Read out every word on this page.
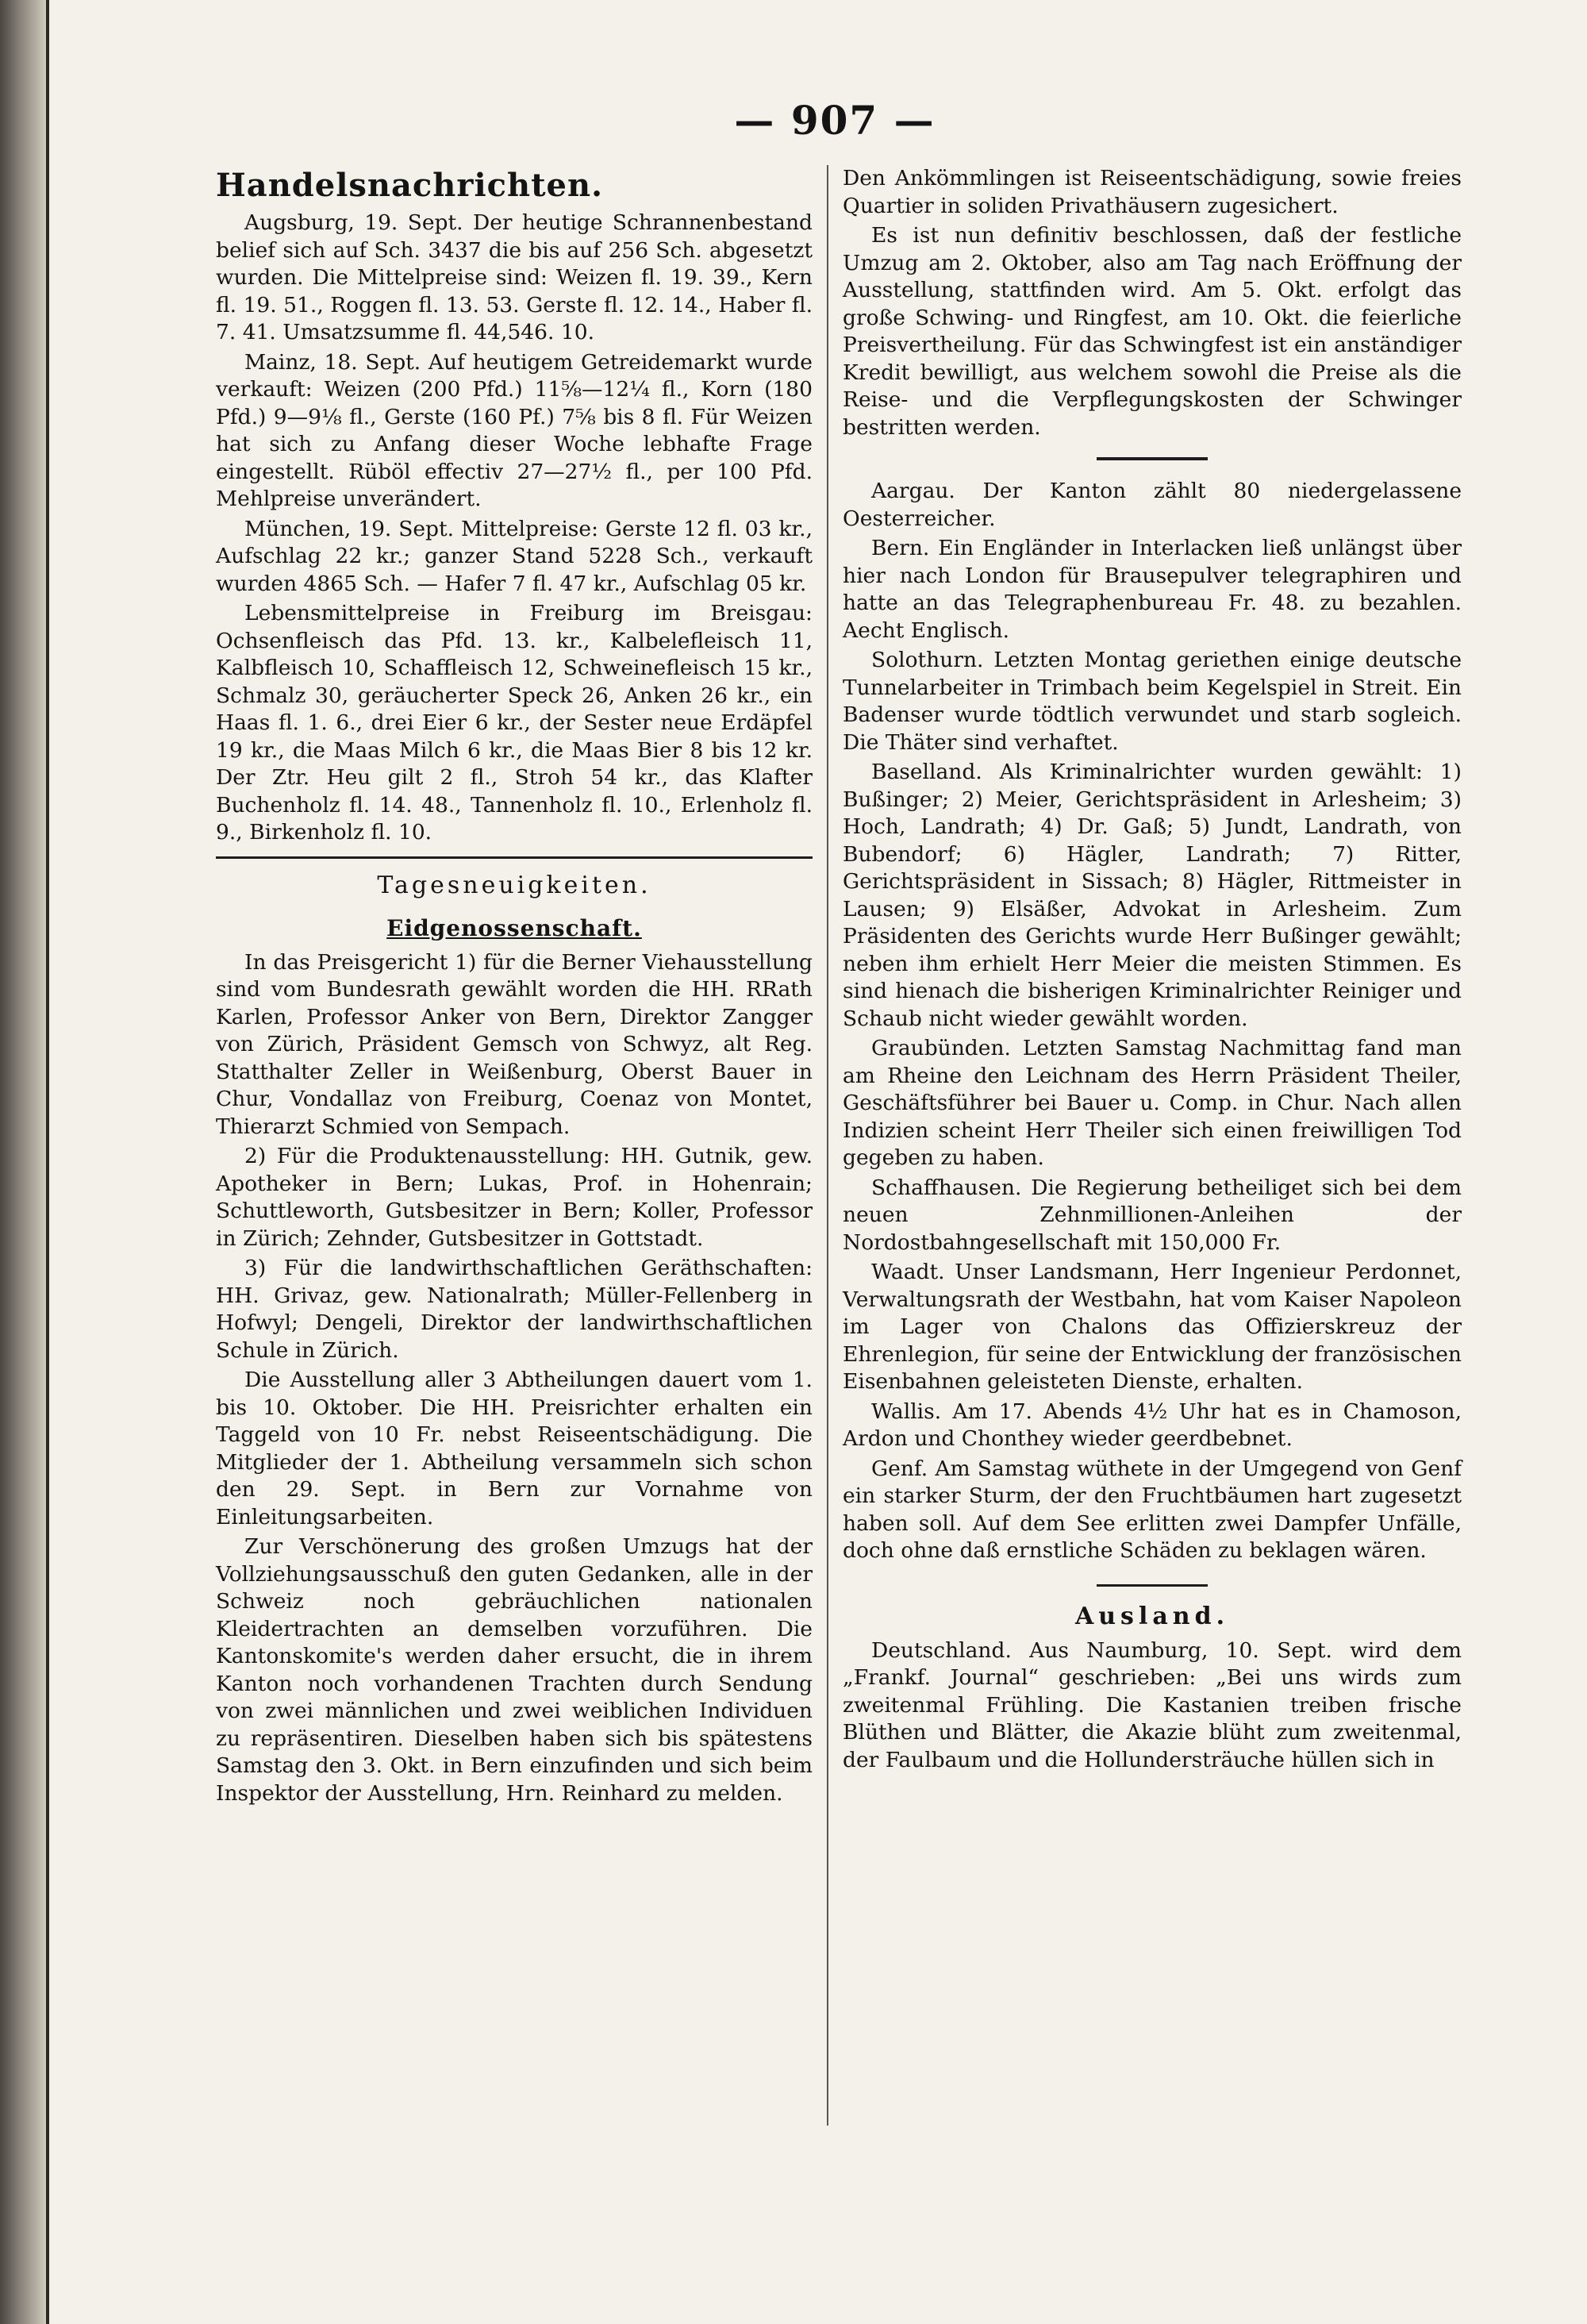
— 907 —
Handelsnachrichten.

Augsburg, 19. Sept. Der heutige Schrannenbestand belief sich auf Sch. 3437 die bis auf 256 Sch. abgesetzt wurden. Die Mittelpreise sind: Weizen fl. 19. 39., Kern fl. 19. 51., Roggen fl. 13. 53. Gerste fl. 12. 14., Haber fl. 7. 41. Umsatzsumme fl. 44,546. 10.

Mainz, 18. Sept. Auf heutigem Getreidemarkt wurde verkauft: Weizen (200 Pfd.) 11⅝—12¼ fl., Korn (180 Pfd.) 9—9⅛ fl., Gerste (160 Pf.) 7⅝ bis 8 fl. Für Weizen hat sich zu Anfang dieser Woche lebhafte Frage eingestellt. Rüböl effectiv 27—27½ fl., per 100 Pfd. Mehlpreise unverändert.

München, 19. Sept. Mittelpreise: Gerste 12 fl. 03 kr., Aufschlag 22 kr.; ganzer Stand 5228 Sch., verkauft wurden 4865 Sch. — Hafer 7 fl. 47 kr., Aufschlag 05 kr.

Lebensmittelpreise in Freiburg im Breisgau: Ochsenfleisch das Pfd. 13. kr., Kalbelefleisch 11, Kalbfleisch 10, Schaffleisch 12, Schweinefleisch 15 kr., Schmalz 30, geräucherter Speck 26, Anken 26 kr., ein Haas fl. 1. 6., drei Eier 6 kr., der Sester neue Erdäpfel 19 kr., die Maas Milch 6 kr., die Maas Bier 8 bis 12 kr. Der Ztr. Heu gilt 2 fl., Stroh 54 kr., das Klafter Buchenholz fl. 14. 48., Tannenholz fl. 10., Erlenholz fl. 9., Birkenholz fl. 10.

Tagesneuigkeiten.
Eidgenossenschaft.

In das Preisgericht 1) für die Berner Viehausstellung sind vom Bundesrath gewählt worden die HH. RRath Karlen, Professor Anker von Bern, Direktor Zangger von Zürich, Präsident Gemsch von Schwyz, alt Reg. Statthalter Zeller in Weißenburg, Oberst Bauer in Chur, Vondallaz von Freiburg, Coenaz von Montet, Thierarzt Schmied von Sempach.

2) Für die Produktenausstellung: HH. Gutnik, gew. Apotheker in Bern; Lukas, Prof. in Hohenrain; Schuttleworth, Gutsbesitzer in Bern; Koller, Professor in Zürich; Zehnder, Gutsbesitzer in Gottstadt.

3) Für die landwirthschaftlichen Geräthschaften: HH. Grivaz, gew. Nationalrath; Müller-Fellenberg in Hofwyl; Dengeli, Direktor der landwirthschaftlichen Schule in Zürich.

Die Ausstellung aller 3 Abtheilungen dauert vom 1. bis 10. Oktober. Die HH. Preisrichter erhalten ein Taggeld von 10 Fr. nebst Reiseentschädigung. Die Mitglieder der 1. Abtheilung versammeln sich schon den 29. Sept. in Bern zur Vornahme von Einleitungsarbeiten.

Zur Verschönerung des großen Umzugs hat der Vollziehungsausschuß den guten Gedanken, alle in der Schweiz noch gebräuchlichen nationalen Kleidertrachten an demselben vorzuführen. Die Kantonskomite's werden daher ersucht, die in ihrem Kanton noch vorhandenen Trachten durch Sendung von zwei männlichen und zwei weiblichen Individuen zu repräsentiren. Dieselben haben sich bis spätestens Samstag den 3. Okt. in Bern einzufinden und sich beim Inspektor der Ausstellung, Hrn. Reinhard zu melden.

Den Ankömmlingen ist Reiseentschädigung, sowie freies Quartier in soliden Privathäusern zugesichert.

Es ist nun definitiv beschlossen, daß der festliche Umzug am 2. Oktober, also am Tag nach Eröffnung der Ausstellung, stattfinden wird. Am 5. Okt. erfolgt das große Schwing- und Ringfest, am 10. Okt. die feierliche Preisvertheilung. Für das Schwingfest ist ein anständiger Kredit bewilligt, aus welchem sowohl die Preise als die Reise- und die Verpflegungskosten der Schwinger bestritten werden.

Aargau. Der Kanton zählt 80 niedergelassene Oesterreicher.

Bern. Ein Engländer in Interlacken ließ unlängst über hier nach London für Brausepulver telegraphiren und hatte an das Telegraphenbureau Fr. 48. zu bezahlen. Aecht Englisch.

Solothurn. Letzten Montag geriethen einige deutsche Tunnelarbeiter in Trimbach beim Kegelspiel in Streit. Ein Badenser wurde tödtlich verwundet und starb sogleich. Die Thäter sind verhaftet.

Baselland. Als Kriminalrichter wurden gewählt: 1) Bußinger; 2) Meier, Gerichtspräsident in Arlesheim; 3) Hoch, Landrath; 4) Dr. Gaß; 5) Jundt, Landrath, von Bubendorf; 6) Hägler, Landrath; 7) Ritter, Gerichtspräsident in Sissach; 8) Hägler, Rittmeister in Lausen; 9) Elsäßer, Advokat in Arlesheim. Zum Präsidenten des Gerichts wurde Herr Bußinger gewählt; neben ihm erhielt Herr Meier die meisten Stimmen. Es sind hienach die bisherigen Kriminalrichter Reiniger und Schaub nicht wieder gewählt worden.

Graubünden. Letzten Samstag Nachmittag fand man am Rheine den Leichnam des Herrn Präsident Theiler, Geschäftsführer bei Bauer u. Comp. in Chur. Nach allen Indizien scheint Herr Theiler sich einen freiwilligen Tod gegeben zu haben.

Schaffhausen. Die Regierung betheiliget sich bei dem neuen Zehnmillionen-Anleihen der Nordostbahngesellschaft mit 150,000 Fr.

Waadt. Unser Landsmann, Herr Ingenieur Perdonnet, Verwaltungsrath der Westbahn, hat vom Kaiser Napoleon im Lager von Chalons das Offizierskreuz der Ehrenlegion, für seine der Entwicklung der französischen Eisenbahnen geleisteten Dienste, erhalten.

Wallis. Am 17. Abends 4½ Uhr hat es in Chamoson, Ardon und Chonthey wieder geerdbebnet.

Genf. Am Samstag wüthete in der Umgegend von Genf ein starker Sturm, der den Fruchtbäumen hart zugesetzt haben soll. Auf dem See erlitten zwei Dampfer Unfälle, doch ohne daß ernstliche Schäden zu beklagen wären.

Ausland.

Deutschland. Aus Naumburg, 10. Sept. wird dem „Frankf. Journal“ geschrieben: „Bei uns wirds zum zweitenmal Frühling. Die Kastanien treiben frische Blüthen und Blätter, die Akazie blüht zum zweitenmal, der Faulbaum und die Hollundersträuche hüllen sich in
